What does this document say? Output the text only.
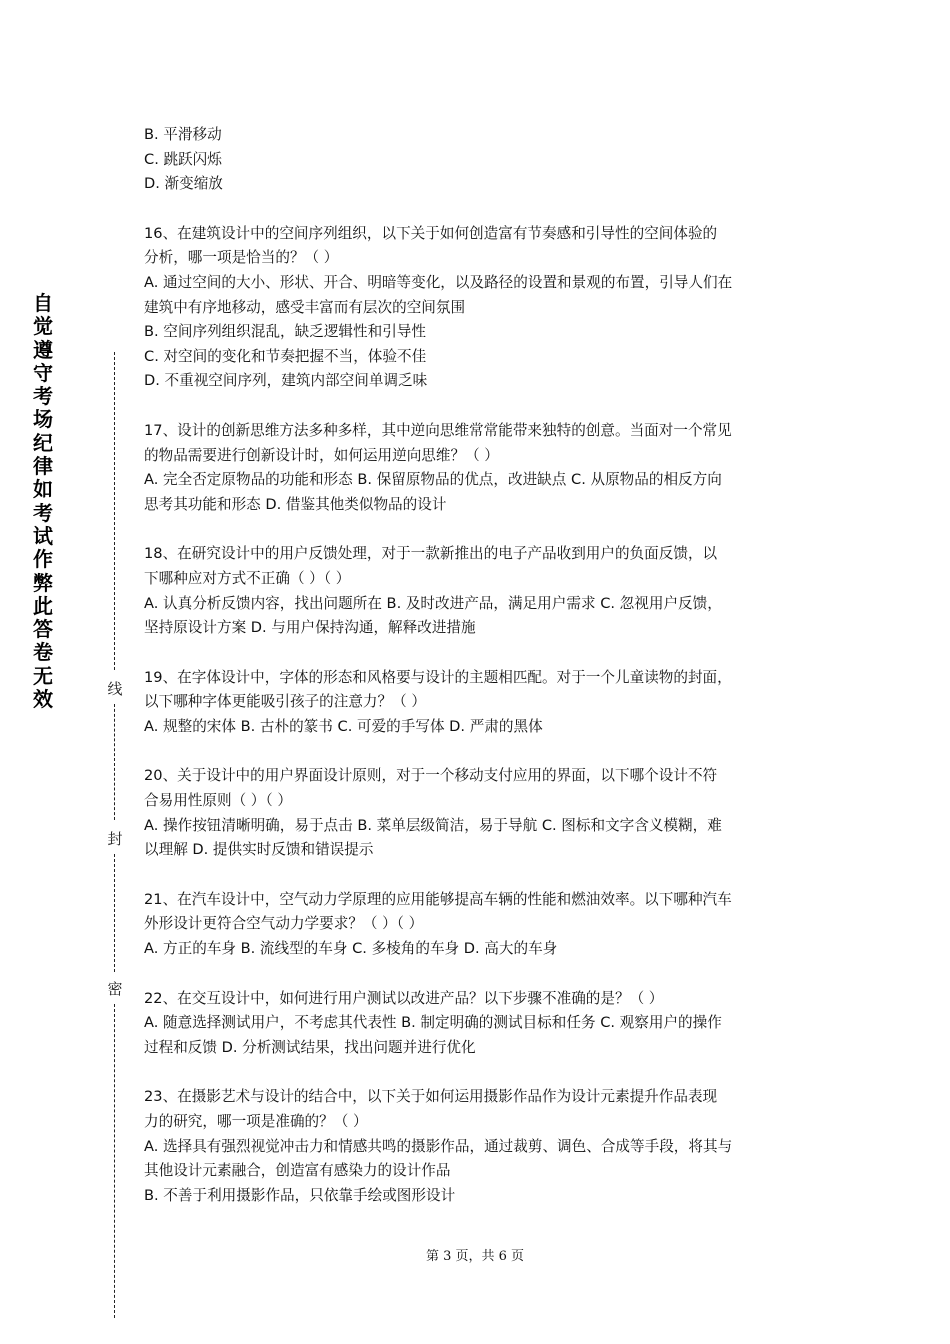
自
觉
遵
守
考
场
纪
律
如
考
试
作
弊
此
答
卷
无
效	线
封
密
B. 平滑移动
C. 跳跃闪烁
D. 渐变缩放
16、在建筑设计中的空间序列组织，以下关于如何创造富有节奏感和引导性的空间体验的
分析，哪一项是恰当的？（ ）
A. 通过空间的大小、形状、开合、明暗等变化，以及路径的设置和景观的布置，引导人们在
建筑中有序地移动，感受丰富而有层次的空间氛围
B. 空间序列组织混乱，缺乏逻辑性和引导性
C. 对空间的变化和节奏把握不当，体验不佳
D. 不重视空间序列，建筑内部空间单调乏味
17、设计的创新思维方法多种多样，其中逆向思维常常能带来独特的创意。当面对一个常见
的物品需要进行创新设计时，如何运用逆向思维？（ ）
A. 完全否定原物品的功能和形态 B. 保留原物品的优点，改进缺点 C. 从原物品的相反方向
思考其功能和形态 D. 借鉴其他类似物品的设计
18、在研究设计中的用户反馈处理，对于一款新推出的电子产品收到用户的负面反馈，以
下哪种应对方式不正确（ ）（ ）
A. 认真分析反馈内容，找出问题所在 B. 及时改进产品，满足用户需求 C. 忽视用户反馈，
坚持原设计方案 D. 与用户保持沟通，解释改进措施
19、在字体设计中，字体的形态和风格要与设计的主题相匹配。对于一个儿童读物的封面，
以下哪种字体更能吸引孩子的注意力？（ ）
A. 规整的宋体 B. 古朴的篆书 C. 可爱的手写体 D. 严肃的黑体
20、关于设计中的用户界面设计原则，对于一个移动支付应用的界面，以下哪个设计不符
合易用性原则（ ）（ ）
A. 操作按钮清晰明确，易于点击 B. 菜单层级简洁，易于导航 C. 图标和文字含义模糊，难
以理解 D. 提供实时反馈和错误提示
21、在汽车设计中，空气动力学原理的应用能够提高车辆的性能和燃油效率。以下哪种汽车
外形设计更符合空气动力学要求？（ ）（ ）
A. 方正的车身 B. 流线型的车身 C. 多棱角的车身 D. 高大的车身
22、在交互设计中，如何进行用户测试以改进产品？以下步骤不准确的是？（ ）
A. 随意选择测试用户，不考虑其代表性 B. 制定明确的测试目标和任务 C. 观察用户的操作
过程和反馈 D. 分析测试结果，找出问题并进行优化
23、在摄影艺术与设计的结合中，以下关于如何运用摄影作品作为设计元素提升作品表现
力的研究，哪一项是准确的？（ ）
A. 选择具有强烈视觉冲击力和情感共鸣的摄影作品，通过裁剪、调色、合成等手段，将其与
其他设计元素融合，创造富有感染力的设计作品
B. 不善于利用摄影作品，只依靠手绘或图形设计
第 3 页，共 6 页
